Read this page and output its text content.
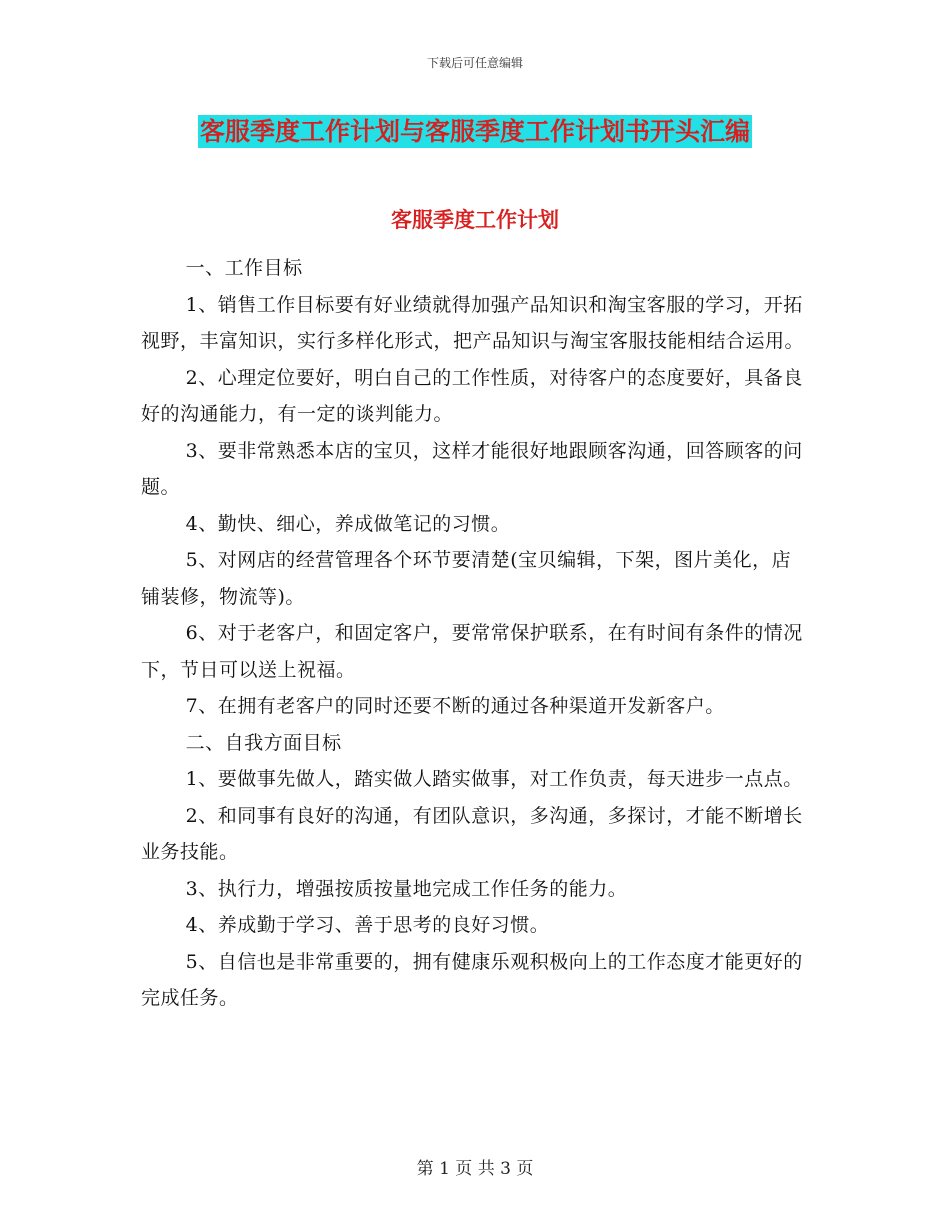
下载后可任意编辑
客服季度工作计划与客服季度工作计划书开头汇编
客服季度工作计划

一、工作目标

1、销售工作目标要有好业绩就得加强产品知识和淘宝客服的学习，开拓视野，丰富知识，实行多样化形式，把产品知识与淘宝客服技能相结合运用。

2、心理定位要好，明白自己的工作性质，对待客户的态度要好，具备良好的沟通能力，有一定的谈判能力。

3、要非常熟悉本店的宝贝，这样才能很好地跟顾客沟通，回答顾客的问题。

4、勤快、细心，养成做笔记的习惯。

5、对网店的经营管理各个环节要清楚(宝贝编辑，下架，图片美化，店铺装修，物流等)。

6、对于老客户，和固定客户，要常常保护联系，在有时间有条件的情况下，节日可以送上祝福。

7、在拥有老客户的同时还要不断的通过各种渠道开发新客户。

二、自我方面目标

1、要做事先做人，踏实做人踏实做事，对工作负责，每天进步一点点。

2、和同事有良好的沟通，有团队意识，多沟通，多探讨，才能不断增长业务技能。

3、执行力，增强按质按量地完成工作任务的能力。

4、养成勤于学习、善于思考的良好习惯。

5、自信也是非常重要的，拥有健康乐观积极向上的工作态度才能更好的完成任务。

第 1 页 共 3 页
